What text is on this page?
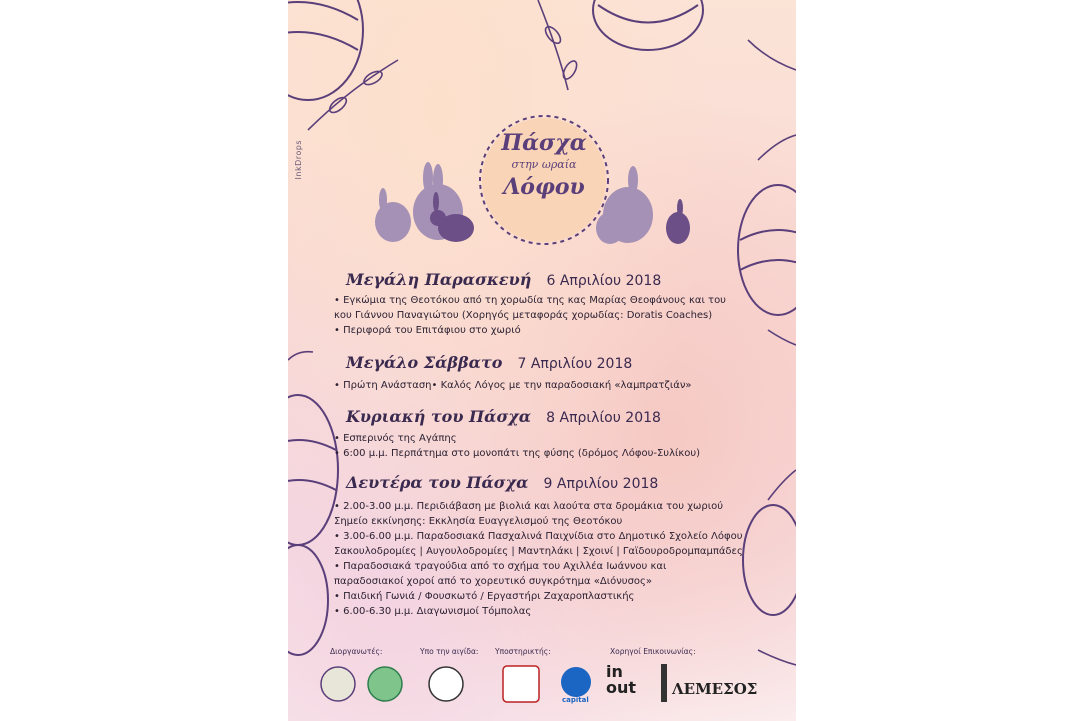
InkDrops	Πάσχα
στην ωραία
Λόφου
Μεγάλη Παρασκευή 6 Απριλίου 2018
• Εγκώμια της Θεοτόκου από τη χορωδία της κας Μαρίας Θεοφάνους και του
κου Γιάννου Παναγιώτου (Χορηγός μεταφοράς χορωδίας: Doratis Coaches)
• Περιφορά του Επιτάφιου στο χωριό
Μεγάλο Σάββατο 7 Απριλίου 2018
• Πρώτη Ανάσταση• Καλός Λόγος με την παραδοσιακή «λαμπρατζιάν»
Κυριακή του Πάσχα 8 Απριλίου 2018
• Εσπερινός της Αγάπης
• 6:00 μ.μ. Περπάτημα στο μονοπάτι της φύσης (δρόμος Λόφου-Συλίκου)
Δευτέρα του Πάσχα 9 Απριλίου 2018
• 2.00-3.00 μ.μ. Περιδιάβαση με βιολιά και λαούτα στα δρομάκια του χωριού
Σημείο εκκίνησης: Εκκλησία Ευαγγελισμού της Θεοτόκου
• 3.00-6.00 μ.μ. Παραδοσιακά Πασχαλινά Παιχνίδια στο Δημοτικό Σχολείο Λόφου
Σακουλοδρομίες | Αυγουλοδρομίες | Μαντηλάκι | Σχοινί | Γαϊδουροδρομπαμπάδες
• Παραδοσιακά τραγούδια από το σχήμα του Αχιλλέα Ιωάννου και
παραδοσιακοί χοροί από το χορευτικό συγκρότημα «Διόνυσος»
• Παιδική Γωνιά / Φουσκωτό / Εργαστήρι Ζαχαροπλαστικής
• 6.00-6.30 μ.μ. Διαγωνισμοί Τόμπολας
Διοργανωτές:	Υπο την αιγίδα: Υποστηρικτής:	Χορηγοί Επικοινωνίας:
capital
in
out ΛΕΜΕΣΟΣ
